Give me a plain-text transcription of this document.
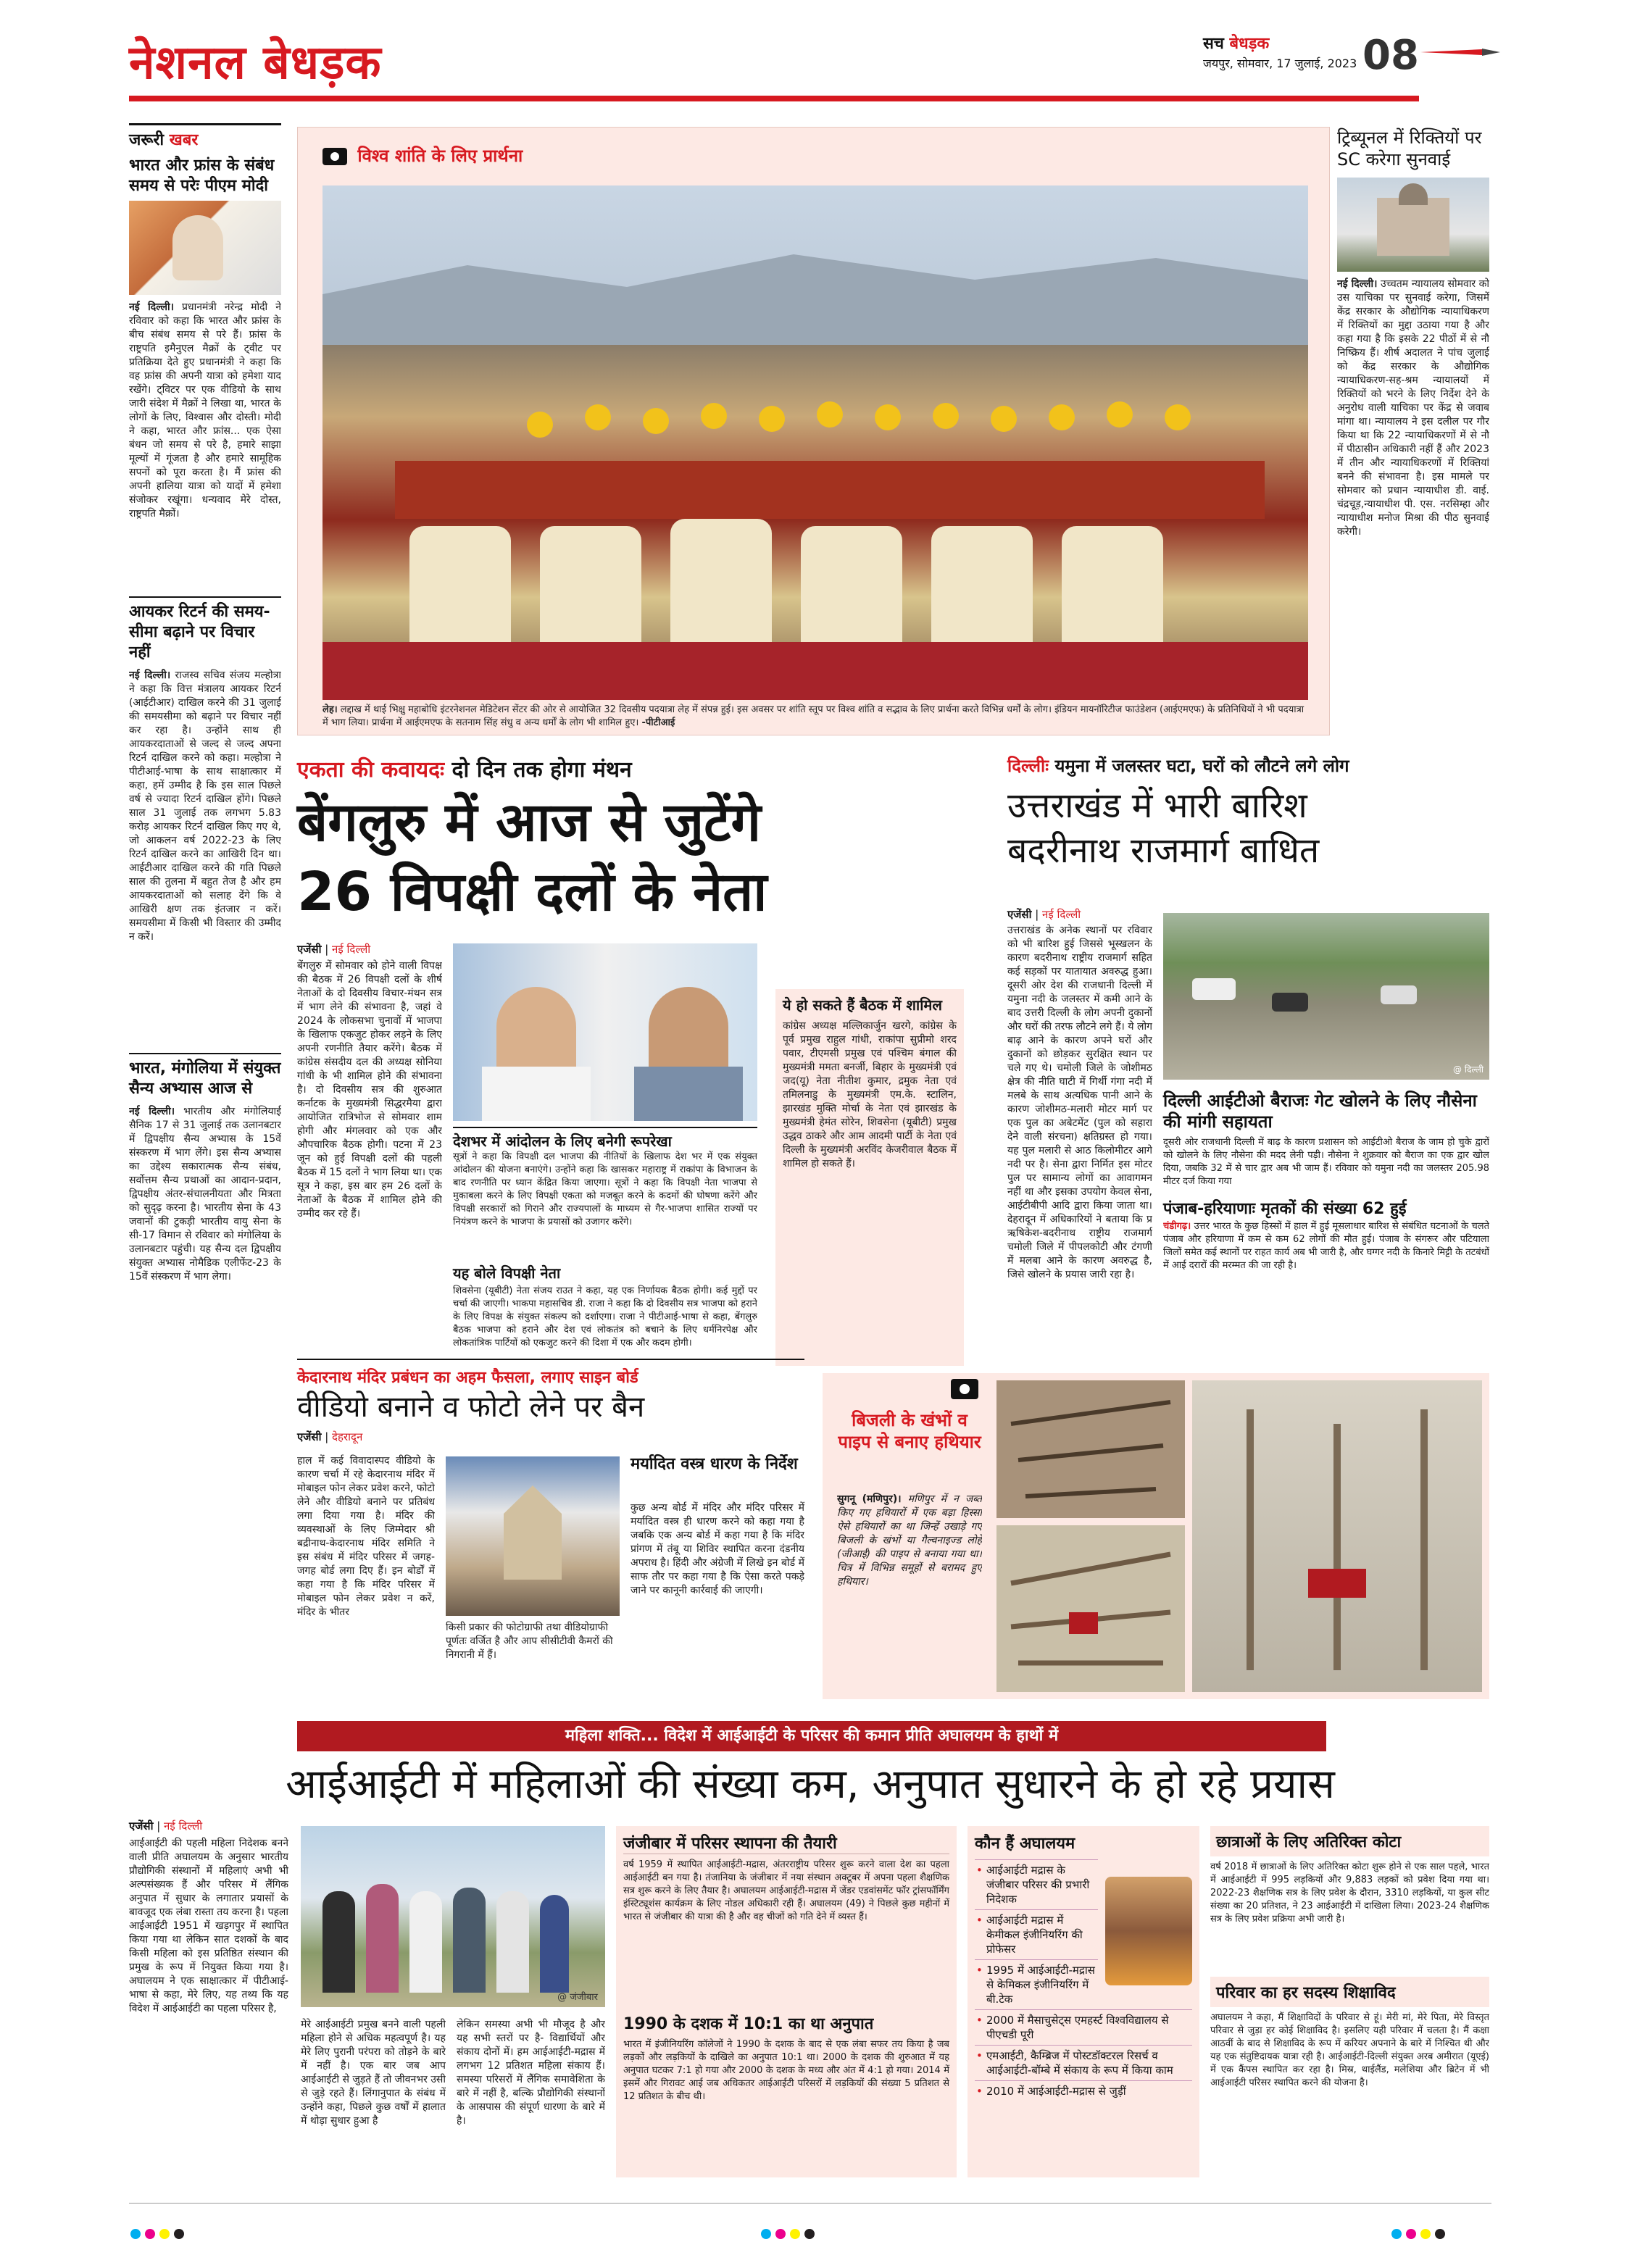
नेशनल बेधड़क	सच बेधड़क
जयपुर, सोमवार, 17 जुलाई, 2023 08
जरूरी खबर
भारत और फ्रांस के संबंध समय से परेः पीएम मोदी
नई दिल्ली। प्रधानमंत्री नरेन्द्र मोदी ने रविवार को कहा कि भारत और फ्रांस के बीच संबंध समय से परे हैं। फ्रांस के राष्ट्रपति इमैनुएल मैक्रों के ट्वीट पर प्रतिक्रिया देते हुए प्रधानमंत्री ने कहा कि वह फ्रांस की अपनी यात्रा को हमेशा याद रखेंगे। ट्विटर पर एक वीडियो के साथ जारी संदेश में मैक्रों ने लिखा था, भारत के लोगों के लिए, विश्वास और दोस्ती। मोदी ने कहा, भारत और फ्रांस... एक ऐसा बंधन जो समय से परे है, हमारे साझा मूल्यों में गूंजता है और हमारे सामूहिक सपनों को पूरा करता है। मैं फ्रांस की अपनी हालिया यात्रा को यादों में हमेशा संजोकर रखूंगा। धन्यवाद मेरे दोस्त, राष्ट्रपति मैक्रों।
आयकर रिटर्न की समय-सीमा बढ़ाने पर विचार नहीं
नई दिल्ली। राजस्व सचिव संजय मल्होत्रा ने कहा कि वित्त मंत्रालय आयकर रिटर्न (आईटीआर) दाखिल करने की 31 जुलाई की समयसीमा को बढ़ाने पर विचार नहीं कर रहा है। उन्होंने साथ ही आयकरदाताओं से जल्द से जल्द अपना रिटर्न दाखिल करने को कहा। मल्होत्रा ने पीटीआई-भाषा के साथ साक्षात्कार में कहा, हमें उम्मीद है कि इस साल पिछले वर्ष से ज्यादा रिटर्न दाखिल होंगे। पिछले साल 31 जुलाई तक लगभग 5.83 करोड़ आयकर रिटर्न दाखिल किए गए थे, जो आकलन वर्ष 2022-23 के लिए रिटर्न दाखिल करने का आखिरी दिन था। आईटीआर दाखिल करने की गति पिछले साल की तुलना में बहुत तेज है और हम आयकरदाताओं को सलाह देंगे कि वे आखिरी क्षण तक इंतजार न करें। समयसीमा में किसी भी विस्तार की उम्मीद न करें।
भारत, मंगोलिया में संयुक्त सैन्य अभ्यास आज से
नई दिल्ली। भारतीय और मंगोलियाई सैनिक 17 से 31 जुलाई तक उलानबटार में द्विपक्षीय सैन्य अभ्यास के 15वें संस्करण में भाग लेंगे। इस सैन्य अभ्यास का उद्देश्य सकारात्मक सैन्य संबंध, सर्वोत्तम सैन्य प्रथाओं का आदान-प्रदान, द्विपक्षीय अंतर-संचालनीयता और मित्रता को सुदृढ़ करना है। भारतीय सेना के 43 जवानों की टुकड़ी भारतीय वायु सेना के सी-17 विमान से रविवार को मंगोलिया के उलानबटार पहुंची। यह सैन्य दल द्विपक्षीय संयुक्त अभ्यास नोमैडिक एलीफेंट-23 के 15वें संस्करण में भाग लेगा।
विश्व शांति के लिए प्रार्थना
लेह। लद्दाख में थाई भिक्षु महाबोधि इंटरनेशनल मेडिटेशन सेंटर की ओर से आयोजित 32 दिवसीय पदयात्रा लेह में संपन्न हुई। इस अवसर पर शांति स्तूप पर विश्व शांति व सद्भाव के लिए प्रार्थना करते विभिन्न धर्मों के लोग। इंडियन मायनॉरिटीज फाउंडेशन (आईएमएफ) के प्रतिनिधियों ने भी पदयात्रा में भाग लिया। प्रार्थना में आईएमएफ के सतनाम सिंह संधु व अन्य धर्मों के लोग भी शामिल हुए। -पीटीआई
ट्रिब्यूनल में रिक्तियों पर SC करेगा सुनवाई
नई दिल्ली। उच्चतम न्यायालय सोमवार को उस याचिका पर सुनवाई करेगा, जिसमें केंद्र सरकार के औद्योगिक न्यायाधिकरण में रिक्तियों का मुद्दा उठाया गया है और कहा गया है कि इसके 22 पीठों में से नौ निष्क्रिय हैं। शीर्ष अदालत ने पांच जुलाई को केंद्र सरकार के औद्योगिक न्यायाधिकरण-सह-श्रम न्यायालयों में रिक्तियों को भरने के लिए निर्देश देने के अनुरोध वाली याचिका पर केंद्र से जवाब मांगा था। न्यायालय ने इस दलील पर गौर किया था कि 22 न्यायाधिकरणों में से नौ में पीठासीन अधिकारी नहीं हैं और 2023 में तीन और न्यायाधिकरणों में रिक्तियां बनने की संभावना है। इस मामले पर सोमवार को प्रधान न्यायाधीश डी. वाई. चंद्रचूड़,न्यायाधीश पी. एस. नरसिम्हा और न्यायाधीश मनोज मिश्रा की पीठ सुनवाई करेगी।
एकता की कवायदः दो दिन तक होगा मंथन
बेंगलुरु में आज से जुटेंगे
26 विपक्षी दलों के नेता
एजेंसी | नई दिल्ली
बेंगलुरु में सोमवार को होने वाली विपक्ष की बैठक में 26 विपक्षी दलों के शीर्ष नेताओं के दो दिवसीय विचार-मंथन सत्र में भाग लेने की संभावना है, जहां वे 2024 के लोकसभा चुनावों में भाजपा के खिलाफ एकजुट होकर लड़ने के लिए अपनी रणनीति तैयार करेंगे। बैठक में कांग्रेस संसदीय दल की अध्यक्ष सोनिया गांधी के भी शामिल होने की संभावना है। दो दिवसीय सत्र की शुरुआत कर्नाटक के मुख्यमंत्री सिद्धरमैया द्वारा आयोजित रात्रिभोज से सोमवार शाम होगी और मंगलवार को एक और औपचारिक बैठक होगी। पटना में 23 जून को हुई विपक्षी दलों की पहली बैठक में 15 दलों ने भाग लिया था। एक सूत्र ने कहा, इस बार हम 26 दलों के नेताओं के बैठक में शामिल होने की उम्मीद कर रहे हैं।
देशभर में आंदोलन के लिए बनेगी रूपरेखा
सूत्रों ने कहा कि विपक्षी दल भाजपा की नीतियों के खिलाफ देश भर में एक संयुक्त आंदोलन की योजना बनाएंगे। उन्होंने कहा कि खासकर महाराष्ट्र में राकांपा के विभाजन के बाद रणनीति पर ध्यान केंद्रित किया जाएगा। सूत्रों ने कहा कि विपक्षी नेता भाजपा से मुकाबला करने के लिए विपक्षी एकता को मजबूत करने के कदमों की घोषणा करेंगे और विपक्षी सरकारों को गिराने और राज्यपालों के माध्यम से गैर-भाजपा शासित राज्यों पर नियंत्रण करने के भाजपा के प्रयासों को उजागर करेंगे।
यह बोले विपक्षी नेता
शिवसेना (यूबीटी) नेता संजय राउत ने कहा, यह एक निर्णायक बैठक होगी। कई मुद्दों पर चर्चा की जाएगी। भाकपा महासचिव डी. राजा ने कहा कि दो दिवसीय सत्र भाजपा को हराने के लिए विपक्ष के संयुक्त संकल्प को दर्शाएगा। राजा ने पीटीआई-भाषा से कहा, बेंगलुरु बैठक भाजपा को हराने और देश एवं लोकतंत्र को बचाने के लिए धर्मनिरपेक्ष और लोकतांत्रिक पार्टियों को एकजुट करने की दिशा में एक और कदम होगी।
ये हो सकते हैं बैठक में शामिल
कांग्रेस अध्यक्ष मल्लिकार्जुन खरगे, कांग्रेस के पूर्व प्रमुख राहुल गांधी, राकांपा सुप्रीमो शरद पवार, टीएमसी प्रमुख एवं पश्चिम बंगाल की मुख्यमंत्री ममता बनर्जी, बिहार के मुख्यमंत्री एवं जद(यू) नेता नीतीश कुमार, द्रमुक नेता एवं तमिलनाडु के मुख्यमंत्री एम.के. स्टालिन, झारखंड मुक्ति मोर्चा के नेता एवं झारखंड के मुख्यमंत्री हेमंत सोरेन, शिवसेना (यूबीटी) प्रमुख उद्धव ठाकरे और आम आदमी पार्टी के नेता एवं दिल्ली के मुख्यमंत्री अरविंद केजरीवाल बैठक में शामिल हो सकते हैं।
दिल्लीः यमुना में जलस्तर घटा, घरों को लौटने लगे लोग
उत्तराखंड में भारी बारिश
बदरीनाथ राजमार्ग बाधित
एजेंसी | नई दिल्ली
उत्तराखंड के अनेक स्थानों पर रविवार को भी बारिश हुई जिससे भूस्खलन के कारण बदरीनाथ राष्ट्रीय राजमार्ग सहित कई सड़कों पर यातायात अवरुद्ध हुआ। दूसरी ओर देश की राजधानी दिल्ली में यमुना नदी के जलस्तर में कमी आने के बाद उत्तरी दिल्ली के लोग अपनी दुकानों और घरों की तरफ लौटने लगे हैं। ये लोग बाढ़ आने के कारण अपने घरों और दुकानों को छोड़कर सुरक्षित स्थान पर चले गए थे। चमोली जिले के जोशीमठ क्षेत्र की नीति घाटी में गिर्थी गंगा नदी में मलबे के साथ अत्यधिक पानी आने के कारण जोशीमठ-मलारी मोटर मार्ग पर एक पुल का अबेटमेंट (पुल को सहारा देने वाली संरचना) क्षतिग्रस्त हो गया। यह पुल मलारी से आठ किलोमीटर आगे नदी पर है। सेना द्वारा निर्मित इस मोटर पुल पर सामान्य लोगों का आवागमन नहीं था और इसका उपयोग केवल सेना, आईटीबीपी आदि द्वारा किया जाता था। देहरादून में अधिकारियों ने बताया कि प्र ऋषिकेश-बदरीनाथ राष्ट्रीय राजमार्ग चमोली जिले में पीपलकोटी और टंगणी में मलबा आने के कारण अवरुद्ध है, जिसे खोलने के प्रयास जारी रहा है।
@ दिल्ली
दिल्ली आईटीओ बैराजः गेट खोलने के लिए नौसेना की मांगी सहायता
दूसरी ओर राजधानी दिल्ली में बाढ़ के कारण प्रशासन को आईटीओ बैराज के जाम हो चुके द्वारों को खोलने के लिए नौसेना की मदद लेनी पड़ी। नौसेना ने शुक्रवार को बैराज का एक द्वार खोल दिया, जबकि 32 में से चार द्वार अब भी जाम हैं। रविवार को यमुना नदी का जलस्तर 205.98 मीटर दर्ज किया गया
पंजाब-हरियाणाः मृतकों की संख्या 62 हुई
चंडीगढ़। उत्तर भारत के कुछ हिस्सों में हाल में हुई मूसलाधार बारिश से संबंधित घटनाओं के चलते पंजाब और हरियाणा में कम से कम 62 लोगों की मौत हुई। पंजाब के संगरूर और पटियाला जिलों समेत कई स्थानों पर राहत कार्य अब भी जारी है, और घग्गर नदी के किनारे मिट्टी के तटबंधों में आई दरारों की मरम्मत की जा रही है।
केदारनाथ मंदिर प्रबंधन का अहम फैसला, लगाए साइन बोर्ड
वीडियो बनाने व फोटो लेने पर बैन
एजेंसी | देहरादून
हाल में कई विवादास्पद वीडियो के कारण चर्चा में रहे केदारनाथ मंदिर में मोबाइल फोन लेकर प्रवेश करने, फोटो लेने और वीडियो बनाने पर प्रतिबंध लगा दिया गया है। मंदिर की व्यवस्थाओं के लिए जिम्मेदार श्री बद्रीनाथ-केदारनाथ मंदिर समिति ने इस संबंध में मंदिर परिसर में जगह-जगह बोर्ड लगा दिए हैं। इन बोर्डों में कहा गया है कि मंदिर परिसर में मोबाइल फोन लेकर प्रवेश न करें, मंदिर के भीतर
किसी प्रकार की फोटोग्राफी तथा वीडियोग्राफी पूर्णतः वर्जित है और आप सीसीटीवी कैमरों की निगरानी में हैं।
मर्यादित वस्त्र धारण के निर्देश
कुछ अन्य बोर्ड में मंदिर और मंदिर परिसर में मर्यादित वस्त्र ही धारण करने को कहा गया है जबकि एक अन्य बोर्ड में कहा गया है कि मंदिर प्रांगण में तंबू या शिविर स्थापित करना दंडनीय अपराध है। हिंदी और अंग्रेजी में लिखे इन बोर्ड में साफ तौर पर कहा गया है कि ऐसा करते पकड़े जाने पर कानूनी कार्रवाई की जाएगी।
बिजली के खंभों व पाइप से बनाए हथियार
सुगनू (मणिपुर)। मणिपुर में न जब्त किए गए हथियारों में एक बड़ा हिस्सा ऐसे हथियारों का था जिन्हें उखाड़े गए बिजली के खंभों या गैल्वनाइज्ड लोहे (जीआई) की पाइप से बनाया गया था। चित्र में विभिन्न समूहों से बरामद हुए हथियार।
महिला शक्ति... विदेश में आईआईटी के परिसर की कमान प्रीति अघालयम के हाथों में
आईआईटी में महिलाओं की संख्या कम, अनुपात सुधारने के हो रहे प्रयास
एजेंसी | नई दिल्ली
आईआईटी की पहली महिला निदेशक बनने वाली प्रीति अघालयम के अनुसार भारतीय प्रौद्योगिकी संस्थानों में महिलाएं अभी भी अल्पसंख्यक हैं और परिसर में लैंगिक अनुपात में सुधार के लगातार प्रयासों के बावजूद एक लंबा रास्ता तय करना है। पहला आईआईटी 1951 में खड़गपुर में स्थापित किया गया था लेकिन सात दशकों के बाद किसी महिला को इस प्रतिष्ठित संस्थान की प्रमुख के रूप में नियुक्त किया गया है। अघालयम ने एक साक्षात्कार में पीटीआई-भाषा से कहा, मेरे लिए, यह तथ्य कि यह विदेश में आईआईटी का पहला परिसर है,
@ जंजीबार
मेरे आईआईटी प्रमुख बनने वाली पहली महिला होने से अधिक महत्वपूर्ण है। यह मेरे लिए पुरानी परंपरा को तोड़ने के बारे में नहीं है। एक बार जब आप आईआईटी से जुड़ते हैं तो जीवनभर उसी से जुड़े रहते हैं। लिंगानुपात के संबंध में उन्होंने कहा, पिछले कुछ वर्षों में हालात में थोड़ा सुधार हुआ है
लेकिन समस्या अभी भी मौजूद है और यह सभी स्तरों पर है- विद्यार्थियों और संकाय दोनों में। हम आईआईटी-मद्रास में लगभग 12 प्रतिशत महिला संकाय हैं। समस्या परिसरों में लैंगिक समावेशिता के बारे में नहीं है, बल्कि प्रौद्योगिकी संस्थानों के आसपास की संपूर्ण धारणा के बारे में है।
जंजीबार में परिसर स्थापना की तैयारी
वर्ष 1959 में स्थापित आईआईटी-मद्रास, अंतरराष्ट्रीय परिसर शुरू करने वाला देश का पहला आईआईटी बन गया है। तंजानिया के जंजीबार में नया संस्थान अक्टूबर में अपना पहला शैक्षणिक सत्र शुरू करने के लिए तैयार है। अघालयम आईआईटी-मद्रास में जेंडर एडवांसमेंट फॉर ट्रांसफॉर्मिंग इंस्टिट्यूशंस कार्यक्रम के लिए नोडल अधिकारी रही हैं। अघालयम (49) ने पिछले कुछ महीनों में भारत से जंजीबार की यात्रा की है और वह चीजों को गति देने में व्यस्त हैं।
1990 के दशक में 10:1 का था अनुपात
भारत में इंजीनियरिंग कॉलेजों ने 1990 के दशक के बाद से एक लंबा सफर तय किया है जब लड़कों और लड़कियों के दाखिले का अनुपात 10:1 था। 2000 के दशक की शुरुआत में यह अनुपात घटकर 7:1 हो गया और 2000 के दशक के मध्य और अंत में 4:1 हो गया। 2014 में इसमें और गिरावट आई जब अधिकतर आईआईटी परिसरों में लड़कियों की संख्या 5 प्रतिशत से 12 प्रतिशत के बीच थी।
कौन हैं अघालयम
• आईआईटी मद्रास के जंजीबार परिसर की प्रभारी निदेशक
• आईआईटी मद्रास में केमीकल इंजीनियरिंग की प्रोफेसर
• 1995 में आईआईटी-मद्रास से केमिकल इंजीनियरिंग में बी.टेक
• 2000 में मैसाचुसेट्स एमहर्स्ट विश्वविद्यालय से पीएचडी पूरी
• एमआईटी, कैम्ब्रिज में पोस्टडॉक्टरल रिसर्च व आईआईटी-बॉम्बे में संकाय के रूप में किया काम
• 2010 में आईआईटी-मद्रास से जुड़ीं
छात्राओं के लिए अतिरिक्त कोटा
वर्ष 2018 में छात्राओं के लिए अतिरिक्त कोटा शुरू होने से एक साल पहले, भारत में आईआईटी में 995 लड़कियों और 9,883 लड़कों को प्रवेश दिया गया था। 2022-23 शैक्षणिक सत्र के लिए प्रवेश के दौरान, 3310 लड़कियों, या कुल सीट संख्या का 20 प्रतिशत, ने 23 आईआईटी में दाखिला लिया। 2023-24 शैक्षणिक सत्र के लिए प्रवेश प्रक्रिया अभी जारी है।
परिवार का हर सदस्य शिक्षाविद
अघालयम ने कहा, मैं शिक्षाविदों के परिवार से हूं। मेरी मां, मेरे पिता, मेरे विस्तृत परिवार से जुड़ा हर कोई शिक्षाविद है। इसलिए यही परिवार में चलता है। मैं कक्षा आठवीं के बाद से शिक्षाविद के रूप में करियर अपनाने के बारे में निश्चित थी और यह एक संतुष्टिदायक यात्रा रही है। आईआईटी-दिल्ली संयुक्त अरब अमीरात (यूएई) में एक कैंपस स्थापित कर रहा है। मिस्र, थाईलैंड, मलेशिया और ब्रिटेन में भी आईआईटी परिसर स्थापित करने की योजना है।
